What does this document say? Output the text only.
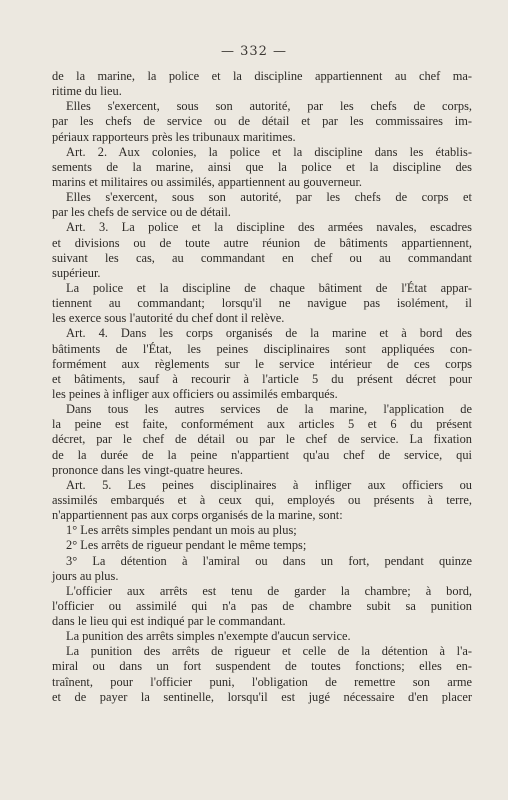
— 332 —
de la marine, la police et la discipline appartiennent au chef ma-
ritime du lieu.
Elles s'exercent, sous son autorité, par les chefs de corps,
par les chefs de service ou de détail et par les commissaires im-
périaux rapporteurs près les tribunaux maritimes.
Art. 2. Aux colonies, la police et la discipline dans les établis-
sements de la marine, ainsi que la police et la discipline des
marins et militaires ou assimilés, appartiennent au gouverneur.
Elles s'exercent, sous son autorité, par les chefs de corps et
par les chefs de service ou de détail.
Art. 3. La police et la discipline des armées navales, escadres
et divisions ou de toute autre réunion de bâtiments appartiennent,
suivant les cas, au commandant en chef ou au commandant
supérieur.
La police et la discipline de chaque bâtiment de l'État appar-
tiennent au commandant; lorsqu'il ne navigue pas isolément, il
les exerce sous l'autorité du chef dont il relève.
Art. 4. Dans les corps organisés de la marine et à bord des
bâtiments de l'État, les peines disciplinaires sont appliquées con-
formément aux règlements sur le service intérieur de ces corps
et bâtiments, sauf à recourir à l'article 5 du présent décret pour
les peines à infliger aux officiers ou assimilés embarqués.
Dans tous les autres services de la marine, l'application de
la peine est faite, conformément aux articles 5 et 6 du présent
décret, par le chef de détail ou par le chef de service. La fixation
de la durée de la peine n'appartient qu'au chef de service, qui
prononce dans les vingt-quatre heures.
Art. 5. Les peines disciplinaires à infliger aux officiers ou
assimilés embarqués et à ceux qui, employés ou présents à terre,
n'appartiennent pas aux corps organisés de la marine, sont:
1° Les arrêts simples pendant un mois au plus;
2° Les arrêts de rigueur pendant le même temps;
3° La détention à l'amiral ou dans un fort, pendant quinze
jours au plus.
L'officier aux arrêts est tenu de garder la chambre; à bord,
l'officier ou assimilé qui n'a pas de chambre subit sa punition
dans le lieu qui est indiqué par le commandant.
La punition des arrêts simples n'exempte d'aucun service.
La punition des arrêts de rigueur et celle de la détention à l'a-
miral ou dans un fort suspendent de toutes fonctions; elles en-
traînent, pour l'officier puni, l'obligation de remettre son arme
et de payer la sentinelle, lorsqu'il est jugé nécessaire d'en placer
